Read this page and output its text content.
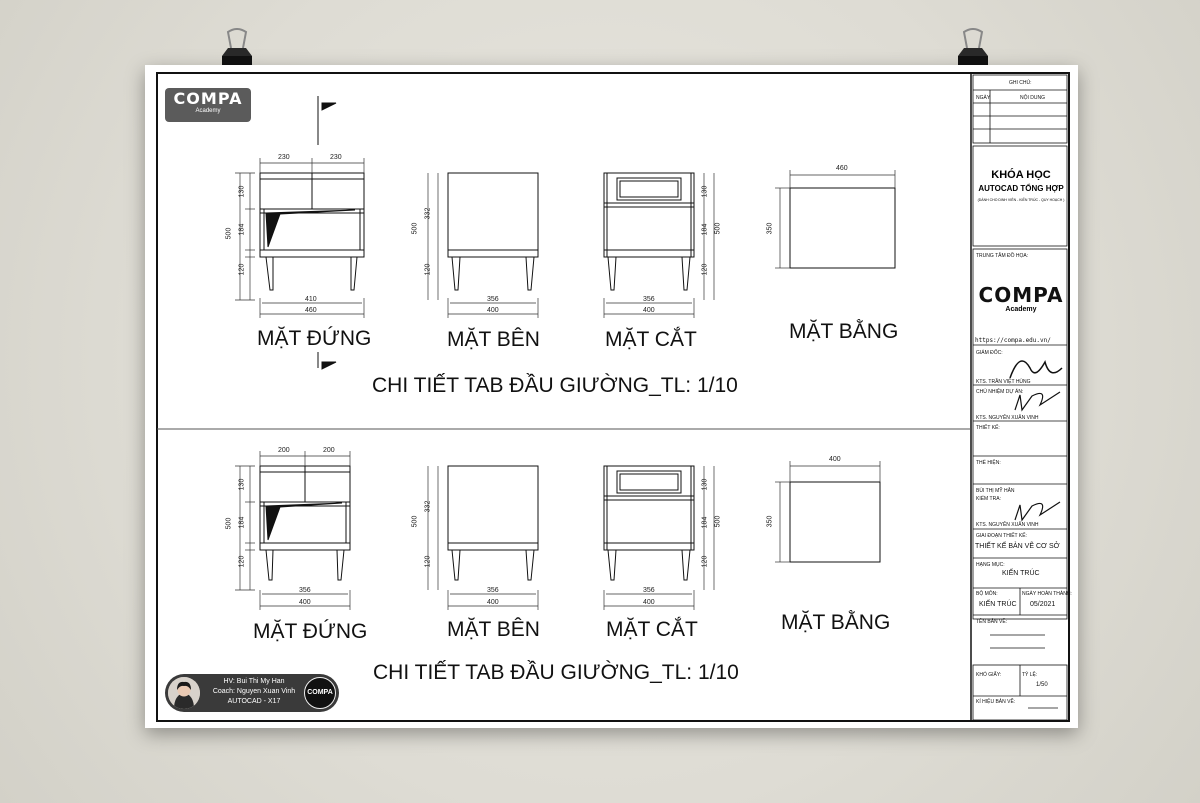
COMPA
Academy
230	230
500
130
184
120
410
460
500
332
120
356
400
130
184
120
500
356
400
460
350
MẶT ĐỨNG	MẶT BÊN	MẶT CẮT	MẶT BẰNG
CHI TIẾT TAB ĐẦU GIƯỜNG_TL: 1/10
200	200
500
130
184
120
356
400
500
332
120
356
400
130
184
120
500
356
400
400
350
MẶT ĐỨNG	MẶT BÊN	MẶT CẮT	MẶT BẰNG
CHI TIẾT TAB ĐẦU GIƯỜNG_TL: 1/10
GHI CHÚ:
NGÀY	NỘI DUNG
KHÓA HỌC
AUTOCAD TỔNG HỢP
(DÀNH CHO DINH VIÊN - KIẾN TRÚC - QUY HOẠCH )
TRUNG TÂM ĐỒ HỌA:
COMPA
Academy
https://compa.edu.vn/
GIÁM ĐỐC:
KTS. TRẦN VIỆT HÙNG
CHỦ NHIỆM DỰ ÁN:
KTS. NGUYỄN XUÂN VINH
THIẾT KẾ:
THỂ HIỆN:
BÙI THỊ MỸ HÂN
KIỂM TRA:
KTS. NGUYỄN XUÂN VINH
GIAI ĐOẠN THIẾT KẾ:
THIẾT KẾ BẢN VẼ CƠ SỞ
HẠNG MỤC:
KIẾN TRÚC
BỘ MÔN:
KIẾN TRÚC
NGÀY HOÀN THÀNH:
05/2021
TÊN BẢN VẼ:
KHỔ GIẤY:	TỶ LỆ:
1/50
KÍ HIỆU BẢN VẼ:
HV: Bui Thi My Han
Coach: Nguyen Xuan Vinh
AUTOCAD - X17
COMPA
